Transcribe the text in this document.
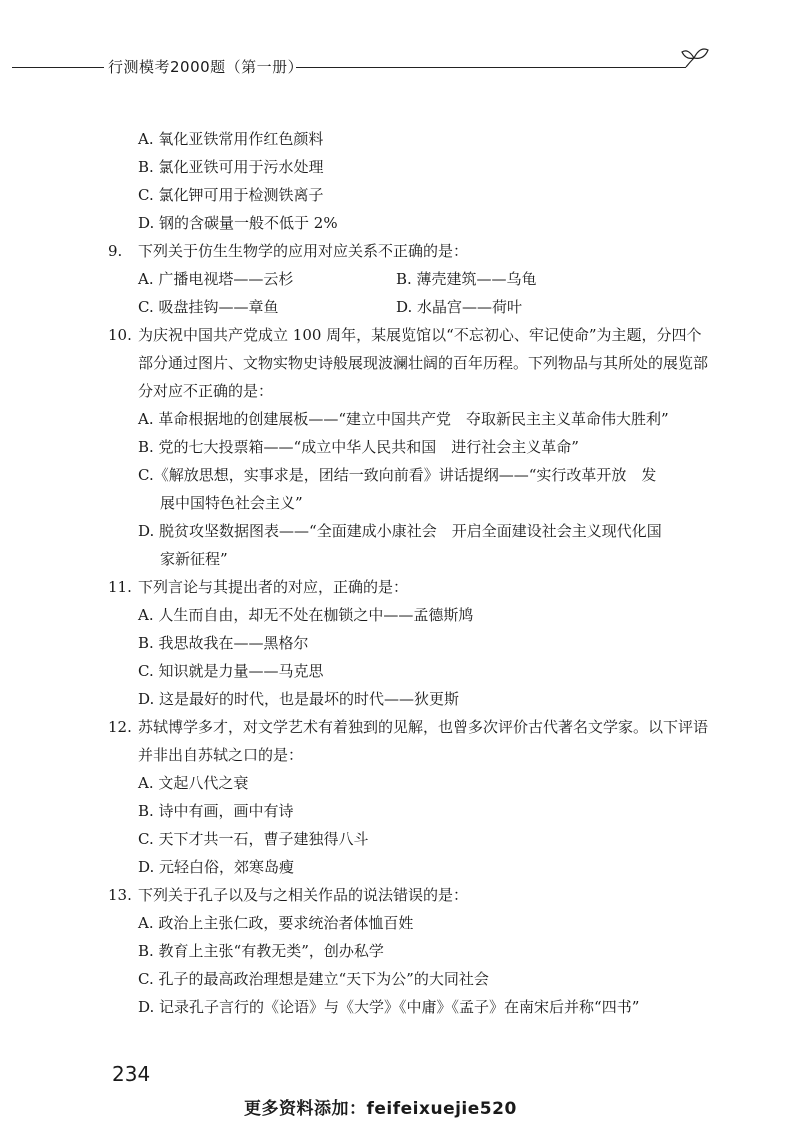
行测模考2000题（第一册）
A. 氧化亚铁常用作红色颜料
B. 氯化亚铁可用于污水处理
C. 氯化钾可用于检测铁离子
D. 钢的含碳量一般不低于 2%
9. 下列关于仿生生物学的应用对应关系不正确的是：
A. 广播电视塔——云杉	B. 薄壳建筑——乌龟
C. 吸盘挂钩——章鱼	D. 水晶宫——荷叶
10. 为庆祝中国共产党成立 100 周年，某展览馆以“不忘初心、牢记使命”为主题，分四个部分通过图片、文物实物史诗般展现波澜壮阔的百年历程。下列物品与其所处的展览部分对应不正确的是：
A. 革命根据地的创建展板——“建立中国共产党　夺取新民主主义革命伟大胜利”
B. 党的七大投票箱——“成立中华人民共和国　进行社会主义革命”
C.《解放思想，实事求是，团结一致向前看》讲话提纲——“实行改革开放　发
展中国特色社会主义”
D. 脱贫攻坚数据图表——“全面建成小康社会　开启全面建设社会主义现代化国
家新征程”
11. 下列言论与其提出者的对应，正确的是：
A. 人生而自由，却无不处在枷锁之中——孟德斯鸠
B. 我思故我在——黑格尔
C. 知识就是力量——马克思
D. 这是最好的时代，也是最坏的时代——狄更斯
12. 苏轼博学多才，对文学艺术有着独到的见解，也曾多次评价古代著名文学家。以下评语并非出自苏轼之口的是：
A. 文起八代之衰
B. 诗中有画，画中有诗
C. 天下才共一石，曹子建独得八斗
D. 元轻白俗，郊寒岛瘦
13. 下列关于孔子以及与之相关作品的说法错误的是：
A. 政治上主张仁政，要求统治者体恤百姓
B. 教育上主张“有教无类”，创办私学
C. 孔子的最高政治理想是建立“天下为公”的大同社会
D. 记录孔子言行的《论语》与《大学》《中庸》《孟子》在南宋后并称“四书”
234
更多资料添加：feifeixuejie520
